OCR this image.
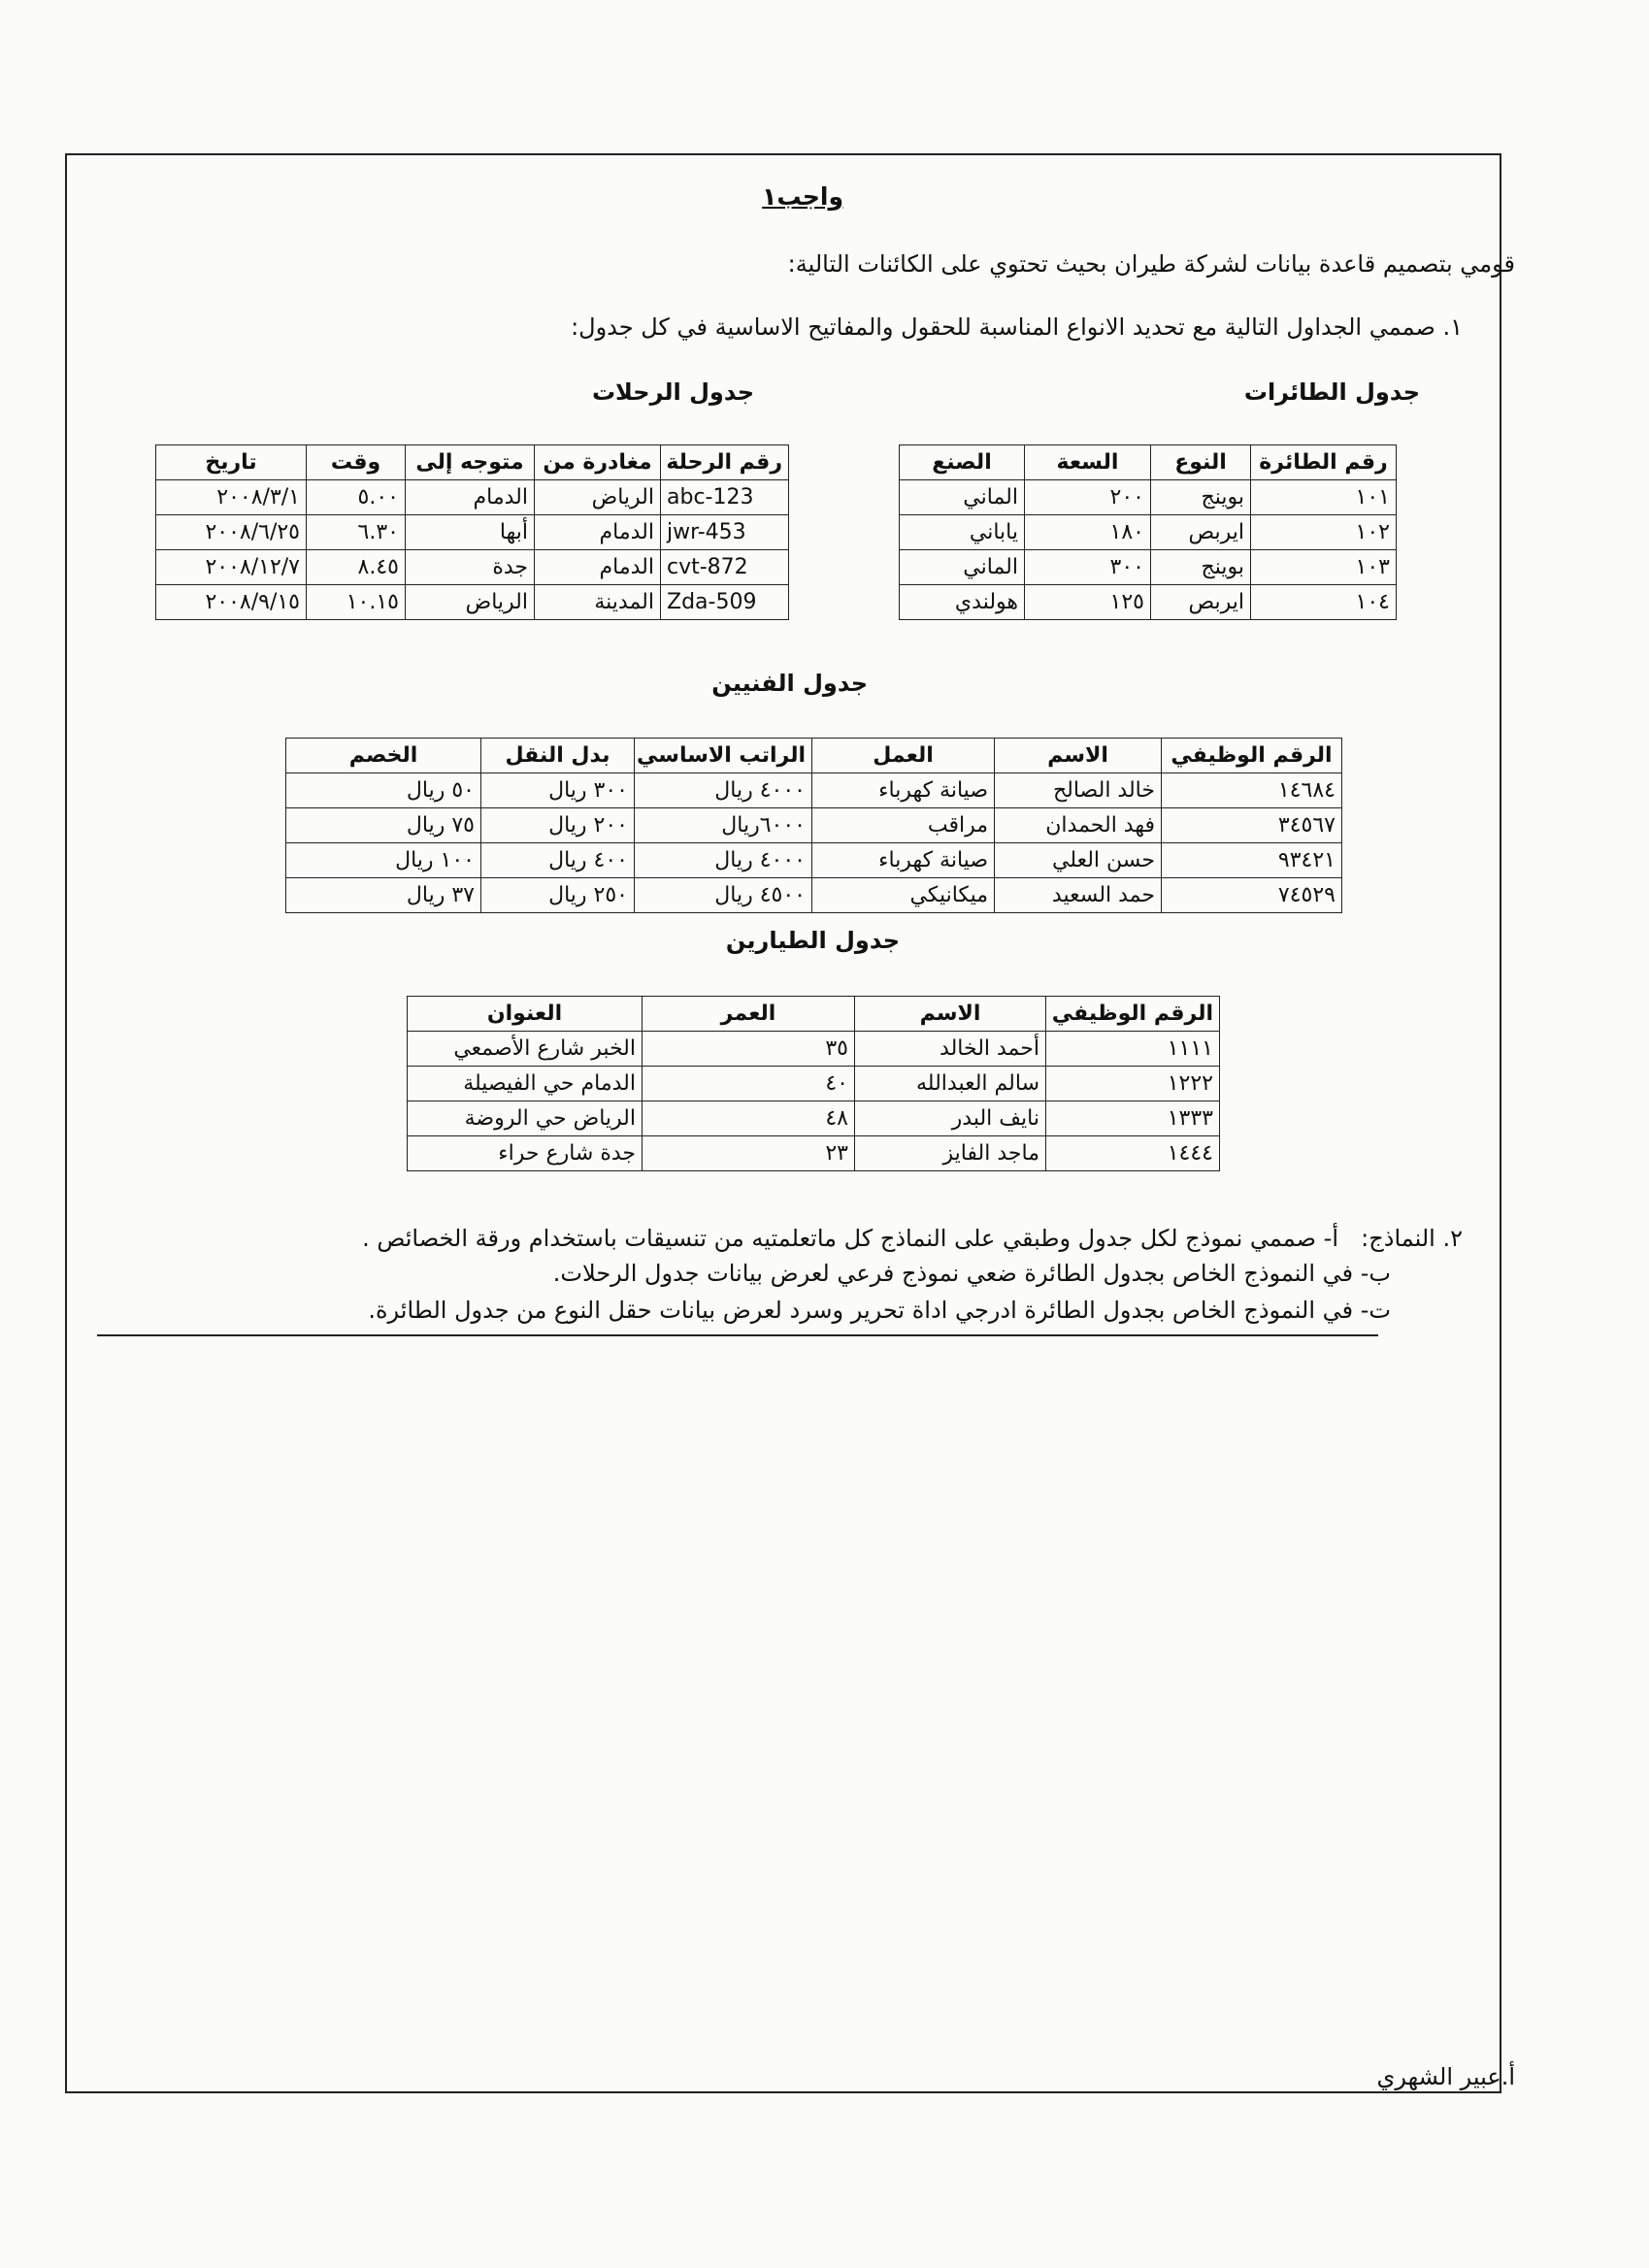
واجب١
قومي بتصميم قاعدة بيانات لشركة طيران بحيث تحتوي على الكائنات التالية:
١. صممي الجداول التالية مع تحديد الانواع المناسبة للحقول والمفاتيح الاساسية في كل جدول:
جدول الطائرات
رقم الطائرة	النوع	السعة	الصنع
١٠١	بوينج	٢٠٠	الماني
١٠٢	ايربص	١٨٠	ياباني
١٠٣	بوينج	٣٠٠	الماني
١٠٤	ايربص	١٢٥	هولندي
جدول الرحلات
رقم الرحلة	مغادرة من	متوجه إلى	وقت	تاريخ
abc-123	الرياض	الدمام	٥.٠٠	٢٠٠٨/٣/١
jwr-453	الدمام	أبها	٦.٣٠	٢٠٠٨/٦/٢٥
cvt-872	الدمام	جدة	٨.٤٥	٢٠٠٨/١٢/٧
Zda-509	المدينة	الرياض	١٠.١٥	٢٠٠٨/٩/١٥
جدول الفنيين
الرقم الوظيفي	الاسم	العمل	الراتب الاساسي	بدل النقل	الخصم
١٤٦٨٤	خالد الصالح	صيانة كهرباء	٤٠٠٠ ريال	٣٠٠ ريال	٥٠ ريال
٣٤٥٦٧	فهد الحمدان	مراقب	٦٠٠٠ريال	٢٠٠ ريال	٧٥ ريال
٩٣٤٢١	حسن العلي	صيانة كهرباء	٤٠٠٠ ريال	٤٠٠ ريال	١٠٠ ريال
٧٤٥٢٩	حمد السعيد	ميكانيكي	٤٥٠٠ ريال	٢٥٠ ريال	٣٧ ريال
جدول الطيارين
الرقم الوظيفي	الاسم	العمر	العنوان
١١١١	أحمد الخالد	٣٥	الخبر شارع الأصمعي
١٢٢٢	سالم العبدالله	٤٠	الدمام حي الفيصيلة
١٣٣٣	نايف البدر	٤٨	الرياض حي الروضة
١٤٤٤	ماجد الفايز	٢٣	جدة شارع حراء
٢. النماذج:
أ- صممي نموذج لكل جدول وطبقي على النماذج كل ماتعلمتيه من تنسيقات باستخدام ورقة الخصائص .
ب- في النموذج الخاص بجدول الطائرة ضعي نموذج فرعي لعرض بيانات جدول الرحلات.
ت- في النموذج الخاص بجدول الطائرة ادرجي اداة تحرير وسرد لعرض بيانات حقل النوع من جدول الطائرة.
أ.عبير الشهري
